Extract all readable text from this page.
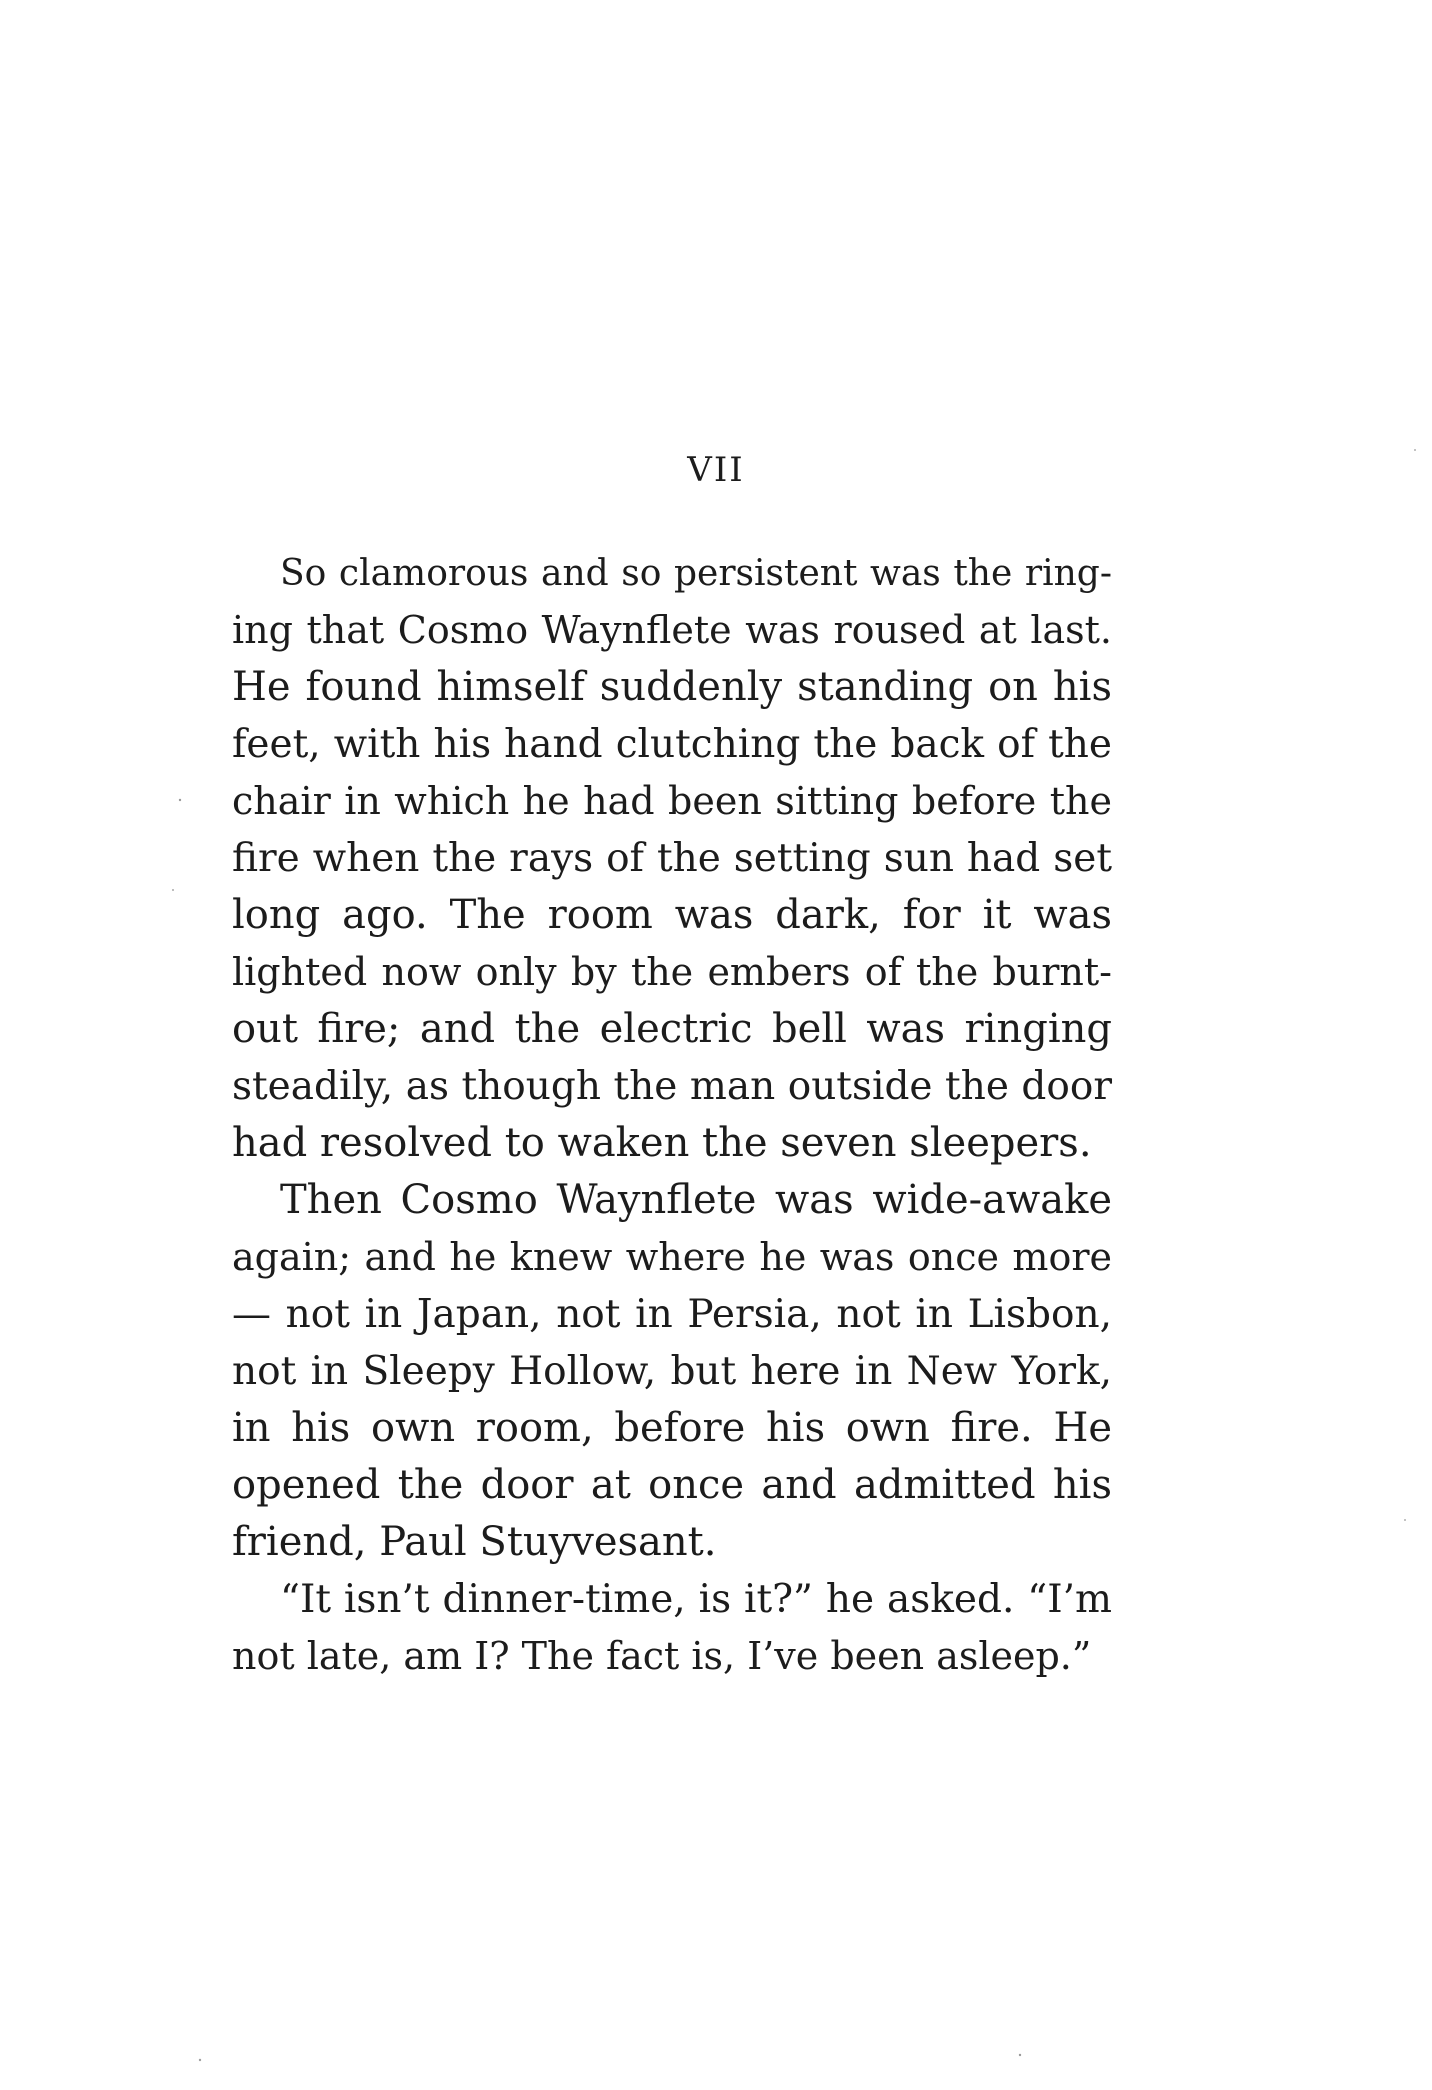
VII
So clamorous and so persistent was the ring-
ing that Cosmo Waynflete was roused at last.
He found himself suddenly standing on his
feet, with his hand clutching the back of the
chair in which he had been sitting before the
fire when the rays of the setting sun had set
long ago. The room was dark, for it was
lighted now only by the embers of the burnt-
out fire; and the electric bell was ringing
steadily, as though the man outside the door
had resolved to waken the seven sleepers.
Then Cosmo Waynflete was wide-awake
again; and he knew where he was once more
— not in Japan, not in Persia, not in Lisbon,
not in Sleepy Hollow, but here in New York,
in his own room, before his own fire. He
opened the door at once and admitted his
friend, Paul Stuyvesant.
“It isn’t dinner-time, is it?” he asked. “I’m
not late, am I? The fact is, I’ve been asleep.”
